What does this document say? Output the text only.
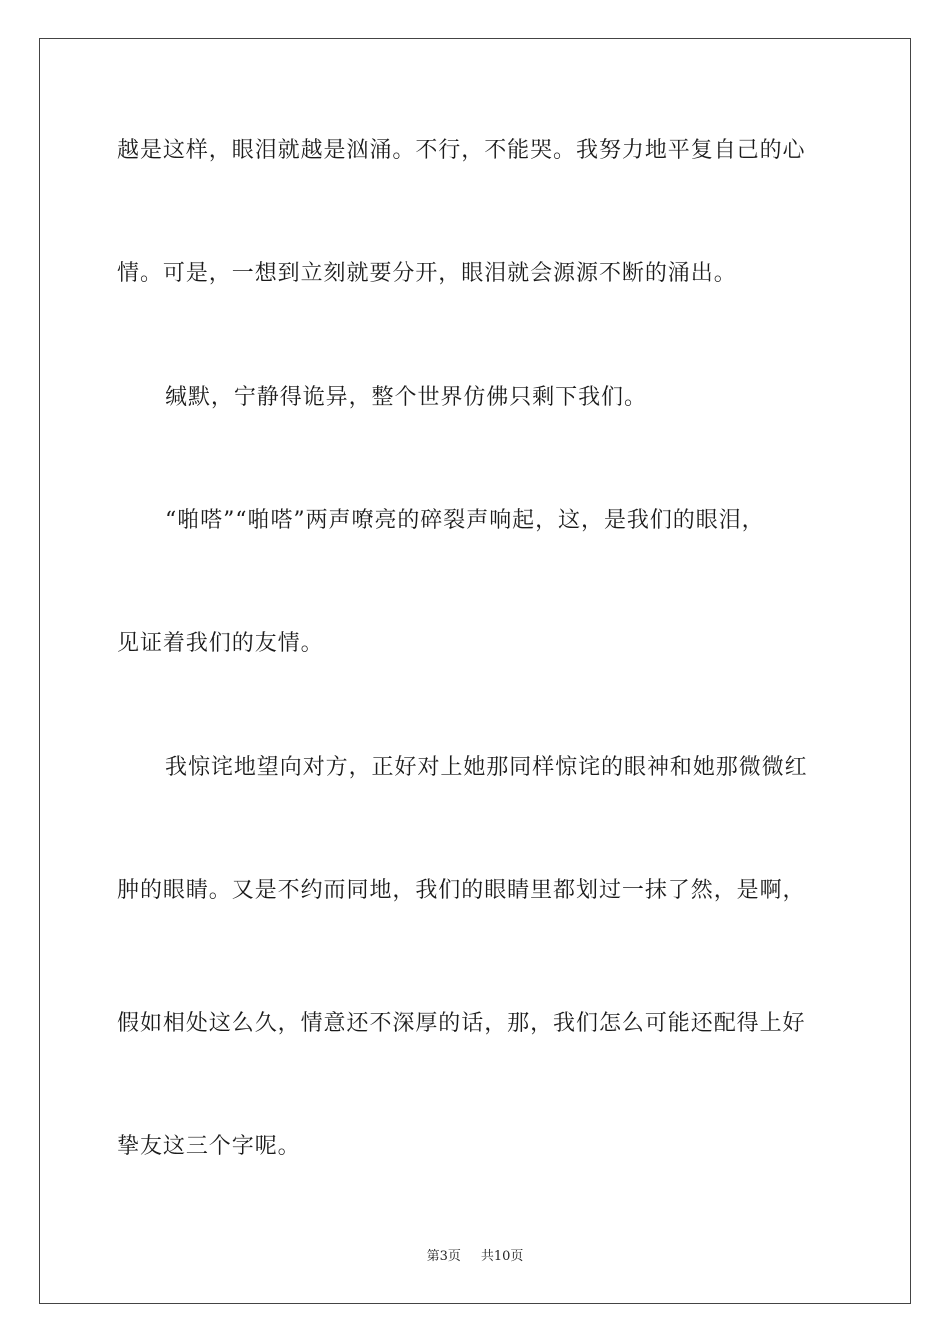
越是这样，眼泪就越是汹涌。不行，不能哭。我努力地平复自己的心
情。可是，一想到立刻就要分开，眼泪就会源源不断的涌出。
缄默，宁静得诡异，整个世界仿佛只剩下我们。
“啪嗒”“啪嗒”两声嘹亮的碎裂声响起，这，是我们的眼泪，
见证着我们的友情。
我惊诧地望向对方，正好对上她那同样惊诧的眼神和她那微微红
肿的眼睛。又是不约而同地，我们的眼睛里都划过一抹了然，是啊，
假如相处这么久，情意还不深厚的话，那，我们怎么可能还配得上好
挚友这三个字呢。
第3页 共10页
